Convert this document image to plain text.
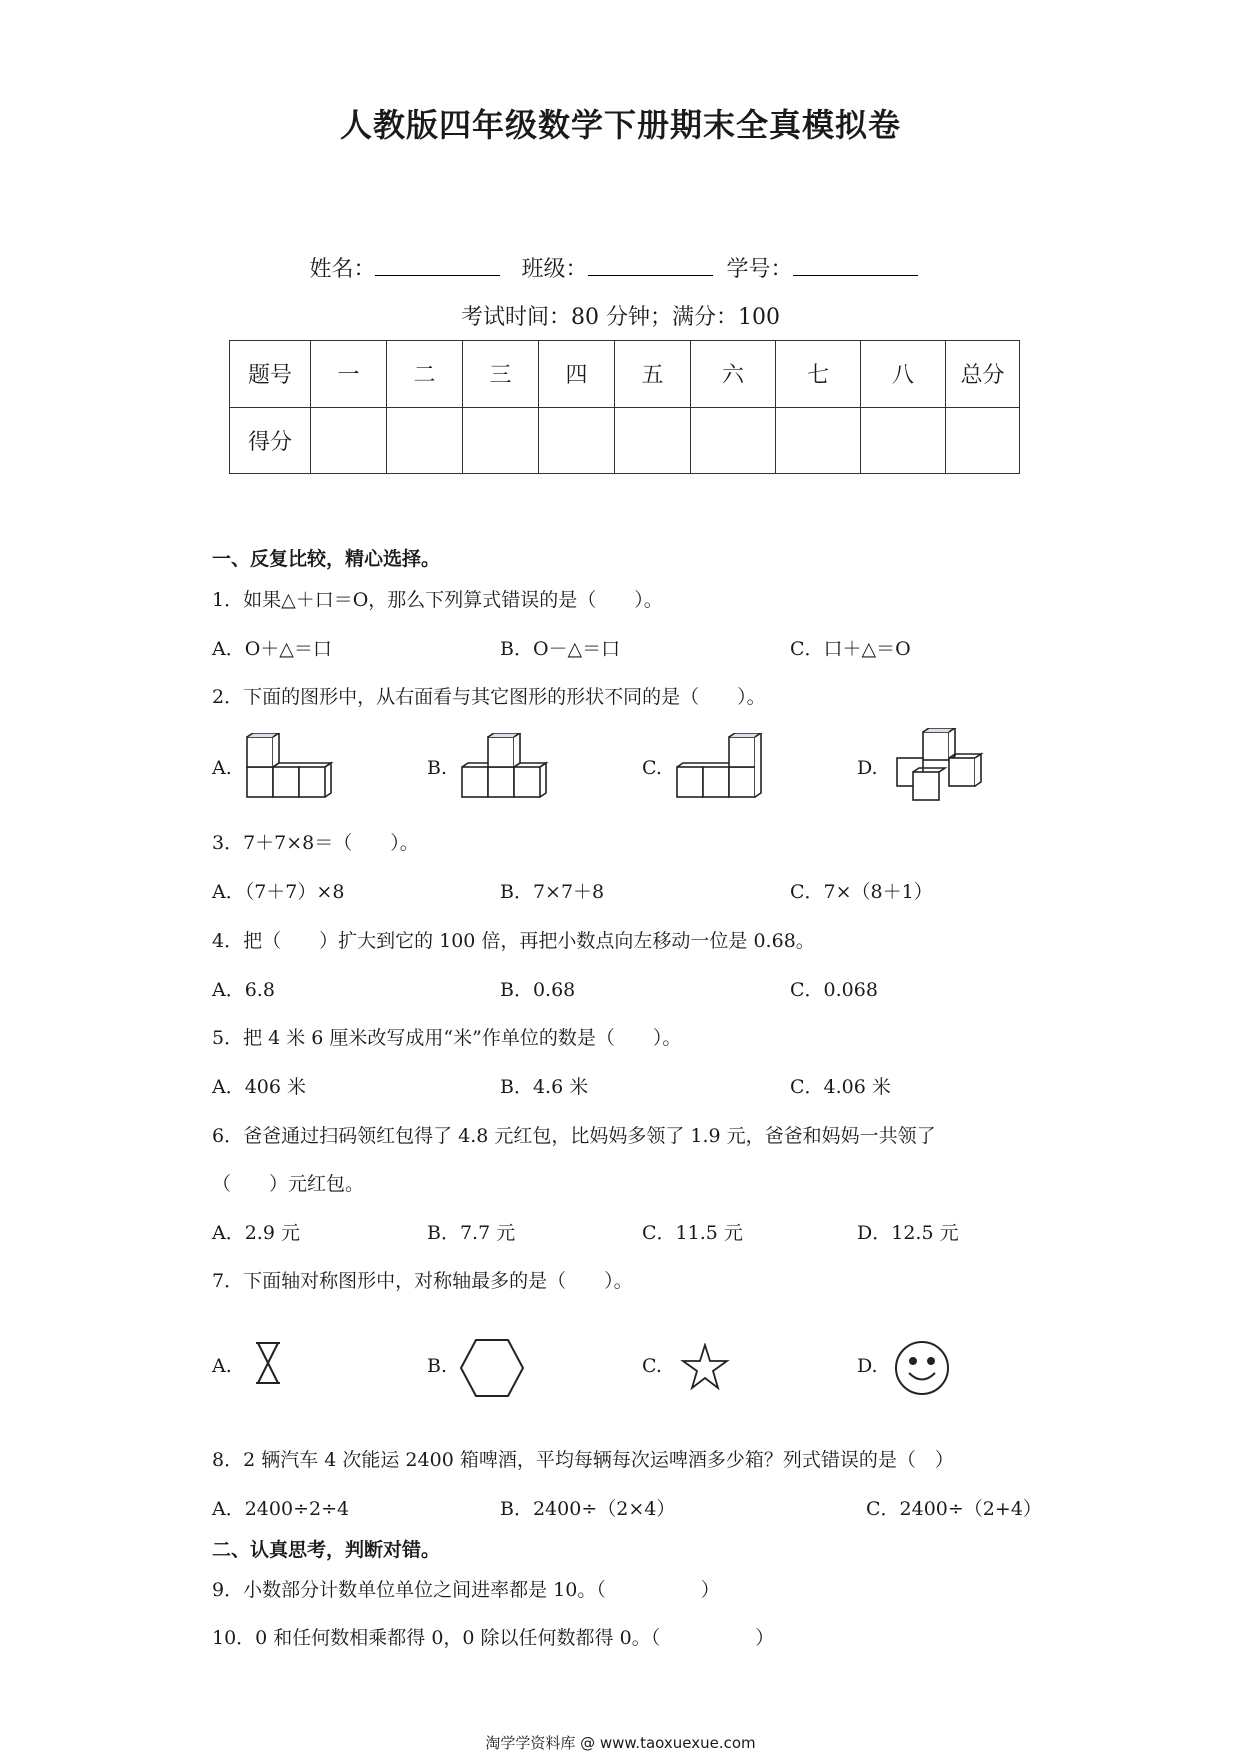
人教版四年级数学下册期末全真模拟卷
姓名：	班级：	学号：
考试时间：80 分钟；满分：100
题号	一	二	三	四	五	六	七	八	总分
得分									
一、反复比较，精心选择。
1．如果△＋口＝O，那么下列算式错误的是（　　）。
A．O＋△＝口	B．O－△＝口	C．口＋△＝O
2．下面的图形中，从右面看与其它图形的形状不同的是（　　）。
A.	B.	C.	D.
3．7＋7×8＝（　　）。
A．（7＋7）×8	B．7×7＋8	C．7×（8＋1）
4．把（　　）扩大到它的 100 倍，再把小数点向左移动一位是 0.68。
A．6.8	B．0.68	C．0.068
5．把 4 米 6 厘米改写成用“米”作单位的数是（　　）。
A．406 米	B．4.6 米	C．4.06 米
6．爸爸通过扫码领红包得了 4.8 元红包，比妈妈多领了 1.9 元，爸爸和妈妈一共领了
（　　）元红包。
A．2.9 元	B．7.7 元	C．11.5 元	D．12.5 元
7．下面轴对称图形中，对称轴最多的是（　　）。
A.	B.	C.	D.
8．2 辆汽车 4 次能运 2400 箱啤酒，平均每辆每次运啤酒多少箱？列式错误的是（　）
A．2400÷2÷4	B．2400÷（2×4）	C．2400÷（2+4）
二、认真思考，判断对错。
9．小数部分计数单位单位之间进率都是 10。（　　　　　）
10．0 和任何数相乘都得 0，0 除以任何数都得 0。（　　　　　）
淘学学资料库 @ www.taoxuexue.com
